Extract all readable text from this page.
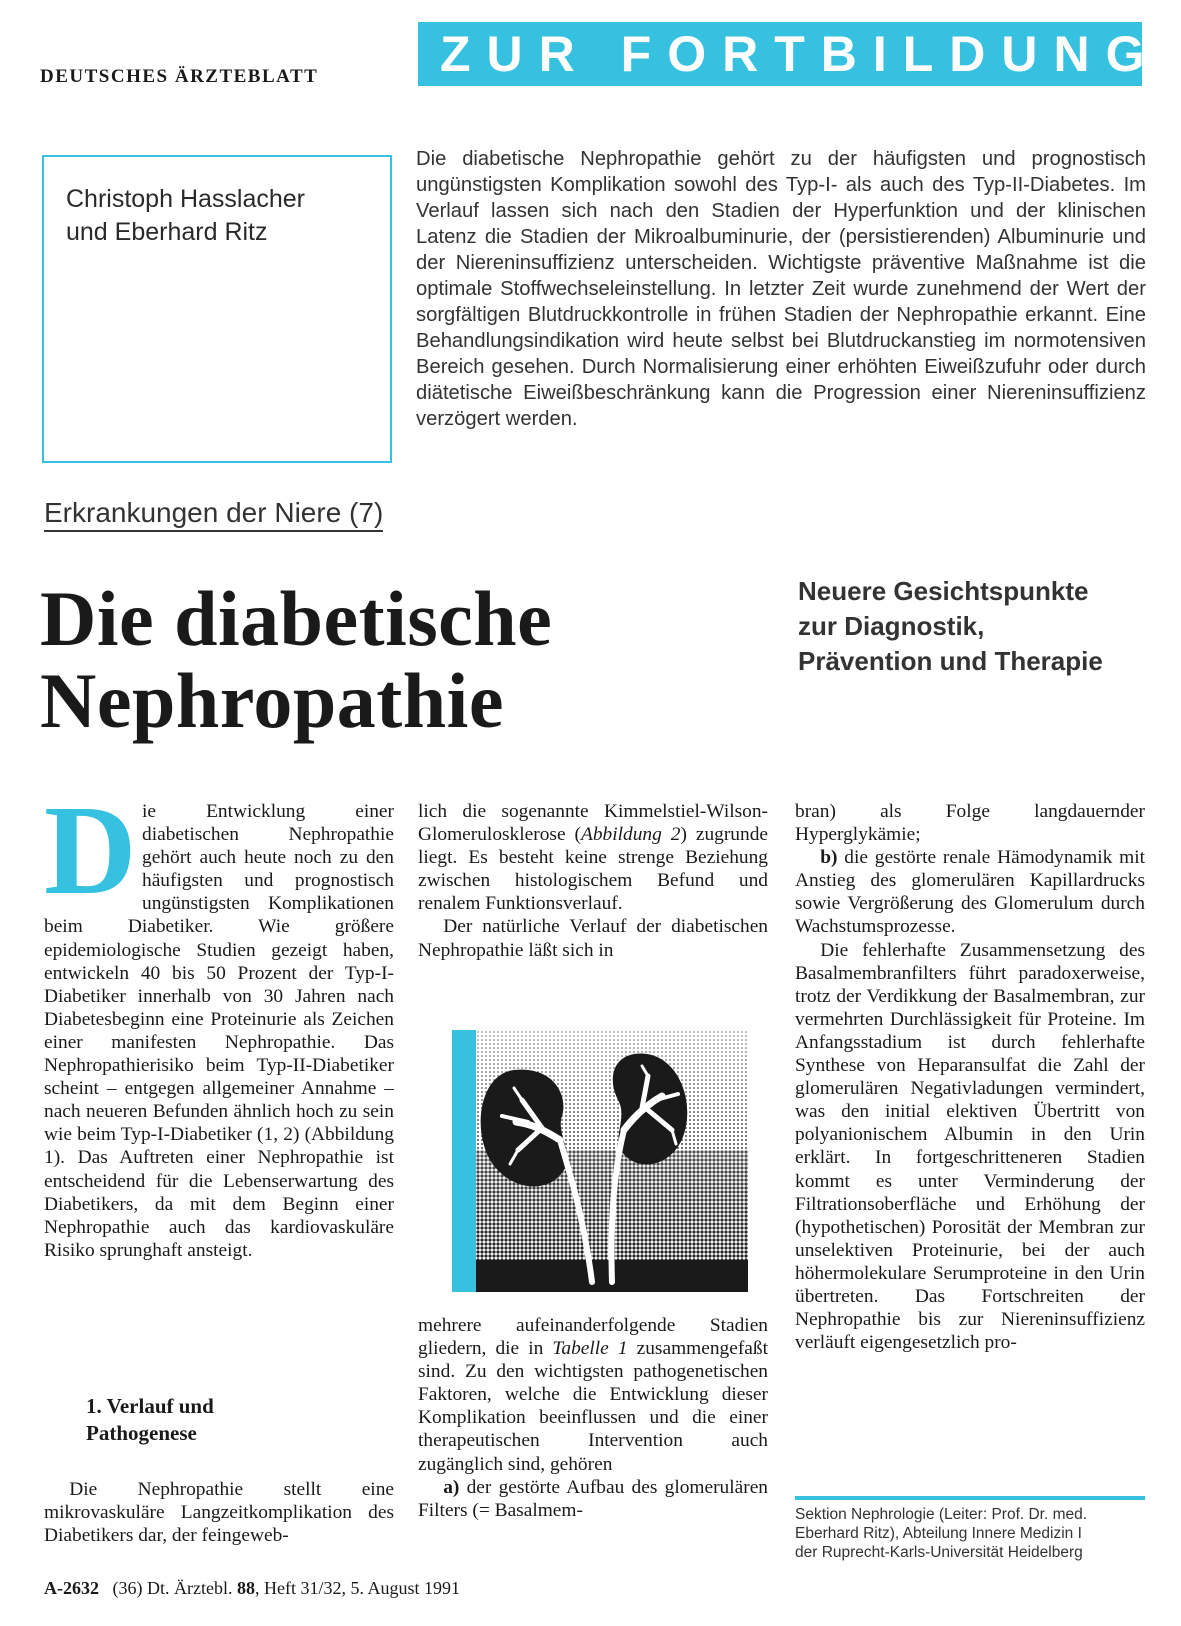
DEUTSCHES ÄRZTEBLATT ZUR FORTBILDUNG
Christoph Hasslacher
und Eberhard Ritz
Die diabetische Nephropathie gehört zu der häufigsten und prognostisch ungünstigsten Komplikation sowohl des Typ-I- als auch des Typ-II-Diabetes. Im Verlauf lassen sich nach den Stadien der Hyperfunktion und der klinischen Latenz die Stadien der Mikroalbuminurie, der (persistierenden) Albuminurie und der Niereninsuffizienz unterscheiden. Wichtigste präventive Maßnahme ist die optimale Stoffwechseleinstellung. In letzter Zeit wurde zunehmend der Wert der sorgfältigen Blutdruckkontrolle in frühen Stadien der Nephropathie erkannt. Eine Behandlungsindikation wird heute selbst bei Blutdruckanstieg im normotensiven Bereich gesehen. Durch Normalisierung einer erhöhten Eiweißzufuhr oder durch diätetische Eiweißbeschränkung kann die Progression einer Niereninsuffizienz verzögert werden.
Erkrankungen der Niere (7)
Die diabetische
Nephropathie
Neuere Gesichtspunkte
zur Diagnostik,
Prävention und Therapie
D ie Entwicklung einer diabetischen Nephropathie gehört auch heute noch zu den häufigsten und prognostisch ungünstigsten Komplikationen beim Diabetiker. Wie größere epidemiologische Studien gezeigt haben, entwickeln 40 bis 50 Prozent der Typ-I-Diabetiker innerhalb von 30 Jahren nach Diabetesbeginn eine Proteinurie als Zeichen einer manifesten Nephropathie. Das Nephropathierisiko beim Typ-II-Diabetiker scheint – entgegen allgemeiner Annahme – nach neueren Befunden ähnlich hoch zu sein wie beim Typ-I-Diabetiker (1, 2) (Abbildung 1). Das Auftreten einer Nephropathie ist entscheidend für die Lebenserwartung des Diabetikers, da mit dem Beginn einer Nephropathie auch das kardiovaskuläre Risiko sprunghaft ansteigt.

1. Verlauf und
Pathogenese

Die Nephropathie stellt eine mikrovaskuläre Langzeitkomplikation des Diabetikers dar, der feingeweb-

lich die sogenannte Kimmelstiel-Wilson-Glomerulosklerose (Abbildung 2) zugrunde liegt. Es besteht keine strenge Beziehung zwischen histologischem Befund und renalem Funktionsverlauf.

Der natürliche Verlauf der diabetischen Nephropathie läßt sich in

mehrere aufeinanderfolgende Stadien gliedern, die in Tabelle 1 zusammengefaßt sind. Zu den wichtigsten pathogenetischen Faktoren, welche die Entwicklung dieser Komplikation beeinflussen und die einer therapeutischen Intervention auch zugänglich sind, gehören

a) der gestörte Aufbau des glomerulären Filters (= Basalmem-

bran) als Folge langdauernder Hyperglykämie;

b) die gestörte renale Hämodynamik mit Anstieg des glomerulären Kapillardrucks sowie Vergrößerung des Glomerulum durch Wachstumsprozesse.

Die fehlerhafte Zusammensetzung des Basalmembranfilters führt paradoxerweise, trotz der Verdikkung der Basalmembran, zur vermehrten Durchlässigkeit für Proteine. Im Anfangsstadium ist durch fehlerhafte Synthese von Heparansulfat die Zahl der glomerulären Negativladungen vermindert, was den initial elektiven Übertritt von polyanionischem Albumin in den Urin erklärt. In fortgeschritteneren Stadien kommt es unter Verminderung der Filtrationsoberfläche und Erhöhung der (hypothetischen) Porosität der Membran zur unselektiven Proteinurie, bei der auch höhermolekulare Serumproteine in den Urin übertreten. Das Fortschreiten der Nephropathie bis zur Niereninsuffizienz verläuft eigengesetzlich pro-

Sektion Nephrologie (Leiter: Prof. Dr. med.
Eberhard Ritz), Abteilung Innere Medizin I
der Ruprecht-Karls-Universität Heidelberg
A-2632 (36) Dt. Ärztebl. 88, Heft 31/32, 5. August 1991
